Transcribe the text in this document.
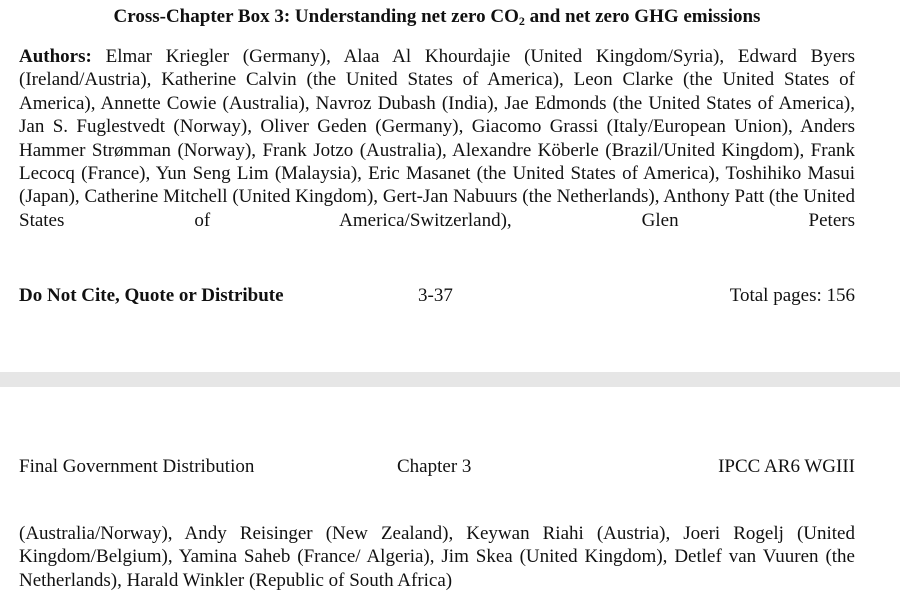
Cross-Chapter Box 3: Understanding net zero $CO_2$ and net zero GHG emissions
Authors: Elmar Kriegler (Germany), Alaa Al Khourdajie (United Kingdom/Syria), Edward Byers (Ireland/Austria), Katherine Calvin (the United States of America), Leon Clarke (the United States of America), Annette Cowie (Australia), Navroz Dubash (India), Jae Edmonds (the United States of America), Jan S. Fuglestvedt (Norway), Oliver Geden (Germany), Giacomo Grassi (Italy/European Union), Anders Hammer Strømman (Norway), Frank Jotzo (Australia), Alexandre Köberle (Brazil/United Kingdom), Frank Lecocq (France), Yun Seng Lim (Malaysia), Eric Masanet (the United States of America), Toshihiko Masui (Japan), Catherine Mitchell (United Kingdom), Gert-Jan Nabuurs (the Netherlands), Anthony Patt (the United States of America/Switzerland), Glen Peters
Do Not Cite, Quote or Distribute	3-37	Total pages: 156
Final Government Distribution	Chapter 3	IPCC AR6 WGIII
(Australia/Norway), Andy Reisinger (New Zealand), Keywan Riahi (Austria), Joeri Rogelj (United Kingdom/Belgium), Yamina Saheb (France/ Algeria), Jim Skea (United Kingdom), Detlef van Vuuren (the Netherlands), Harald Winkler (Republic of South Africa)
